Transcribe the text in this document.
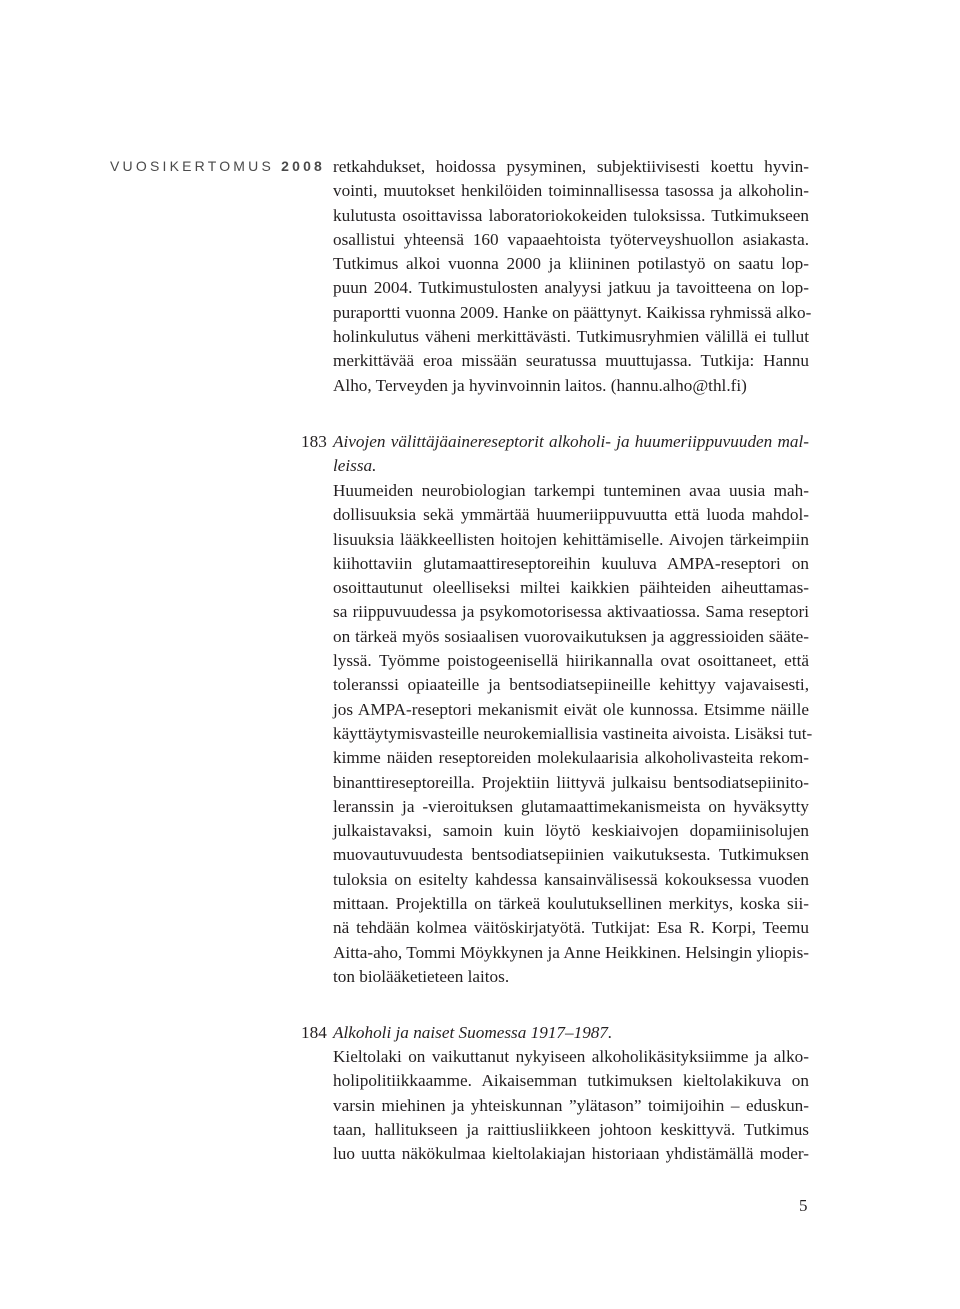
VUOSIKERTOMUS 2008 retkahdukset, hoidossa pysyminen, subjektiivisesti koettu hyvin-
vointi, muutokset henkilöiden toiminnallisessa tasossa ja alkoholin-
kulutusta osoittavissa laboratoriokokeiden tuloksissa. Tutkimukseen
osallistui yhteensä 160 vapaaehtoista työterveyshuollon asiakasta.
Tutkimus alkoi vuonna 2000 ja kliininen potilastyö on saatu lop-
puun 2004. Tutkimustulosten analyysi jatkuu ja tavoitteena on lop-
puraportti vuonna 2009. Hanke on päättynyt. Kaikissa ryhmissä alko-
holinkulutus väheni merkittävästi. Tutkimusryhmien välillä ei tullut
merkittävää eroa missään seuratussa muuttujassa. Tutkija: Hannu
Alho, Terveyden ja hyvinvoinnin laitos. (hannu.alho@thl.fi)
183 Aivojen välittäjäainereseptorit alkoholi- ja huumeriippuvuuden mal-
leissa.
Huumeiden neurobiologian tarkempi tunteminen avaa uusia mah-
dollisuuksia sekä ymmärtää huumeriippuvuutta että luoda mahdol-
lisuuksia lääkkeellisten hoitojen kehittämiselle. Aivojen tärkeimpiin
kiihottaviin glutamaattireseptoreihin kuuluva AMPA-reseptori on
osoittautunut oleelliseksi miltei kaikkien päihteiden aiheuttamas-
sa riippuvuudessa ja psykomotorisessa aktivaatiossa. Sama reseptori
on tärkeä myös sosiaalisen vuorovaikutuksen ja aggressioiden säätе-
lyssä. Työmme poistogeenisellä hiirikannalla ovat osoittaneet, että
toleranssi opiaateille ja bentsodiatsepiineille kehittyy vajavaisesti,
jos AMPA-reseptori mekanismit eivät ole kunnossa. Etsimme näille
käyttäytymisvasteille neurokemiallisia vastineita aivoista. Lisäksi tut-
kimme näiden reseptoreiden molekulaarisia alkoholivasteita rekom-
binanttireseptoreilla. Projektiin liittyvä julkaisu bentsodiatsepiinito-
leranssin ja -vieroituksen glutamaattimekanismeista on hyväksytty
julkaistavaksi, samoin kuin löytö keskiaivojen dopamiinisolujen
muovautuvuudesta bentsodiatsepiinien vaikutuksesta. Tutkimuksen
tuloksia on esitelty kahdessa kansainvälisessä kokouksessa vuoden
mittaan. Projektilla on tärkeä koulutuksellinen merkitys, koska sii-
nä tehdään kolmea väitöskirjatyötä. Tutkijat: Esa R. Korpi, Teemu
Aitta-aho, Tommi Möykkynen ja Anne Heikkinen. Helsingin yliopis-
ton biolääketieteen laitos.
184 Alkoholi ja naiset Suomessa 1917–1987.
Kieltolaki on vaikuttanut nykyiseen alkoholikäsityksiimme ja alko-
holipolitiikkaamme. Aikaisemman tutkimuksen kieltolakikuva on
varsin miehinen ja yhteiskunnan ”ylätason” toimijoihin – eduskun-
taan, hallitukseen ja raittiusliikkeen johtoon keskittyvä. Tutkimus
luo uutta näkökulmaa kieltolakiajan historiaan yhdistämällä moder-
5
